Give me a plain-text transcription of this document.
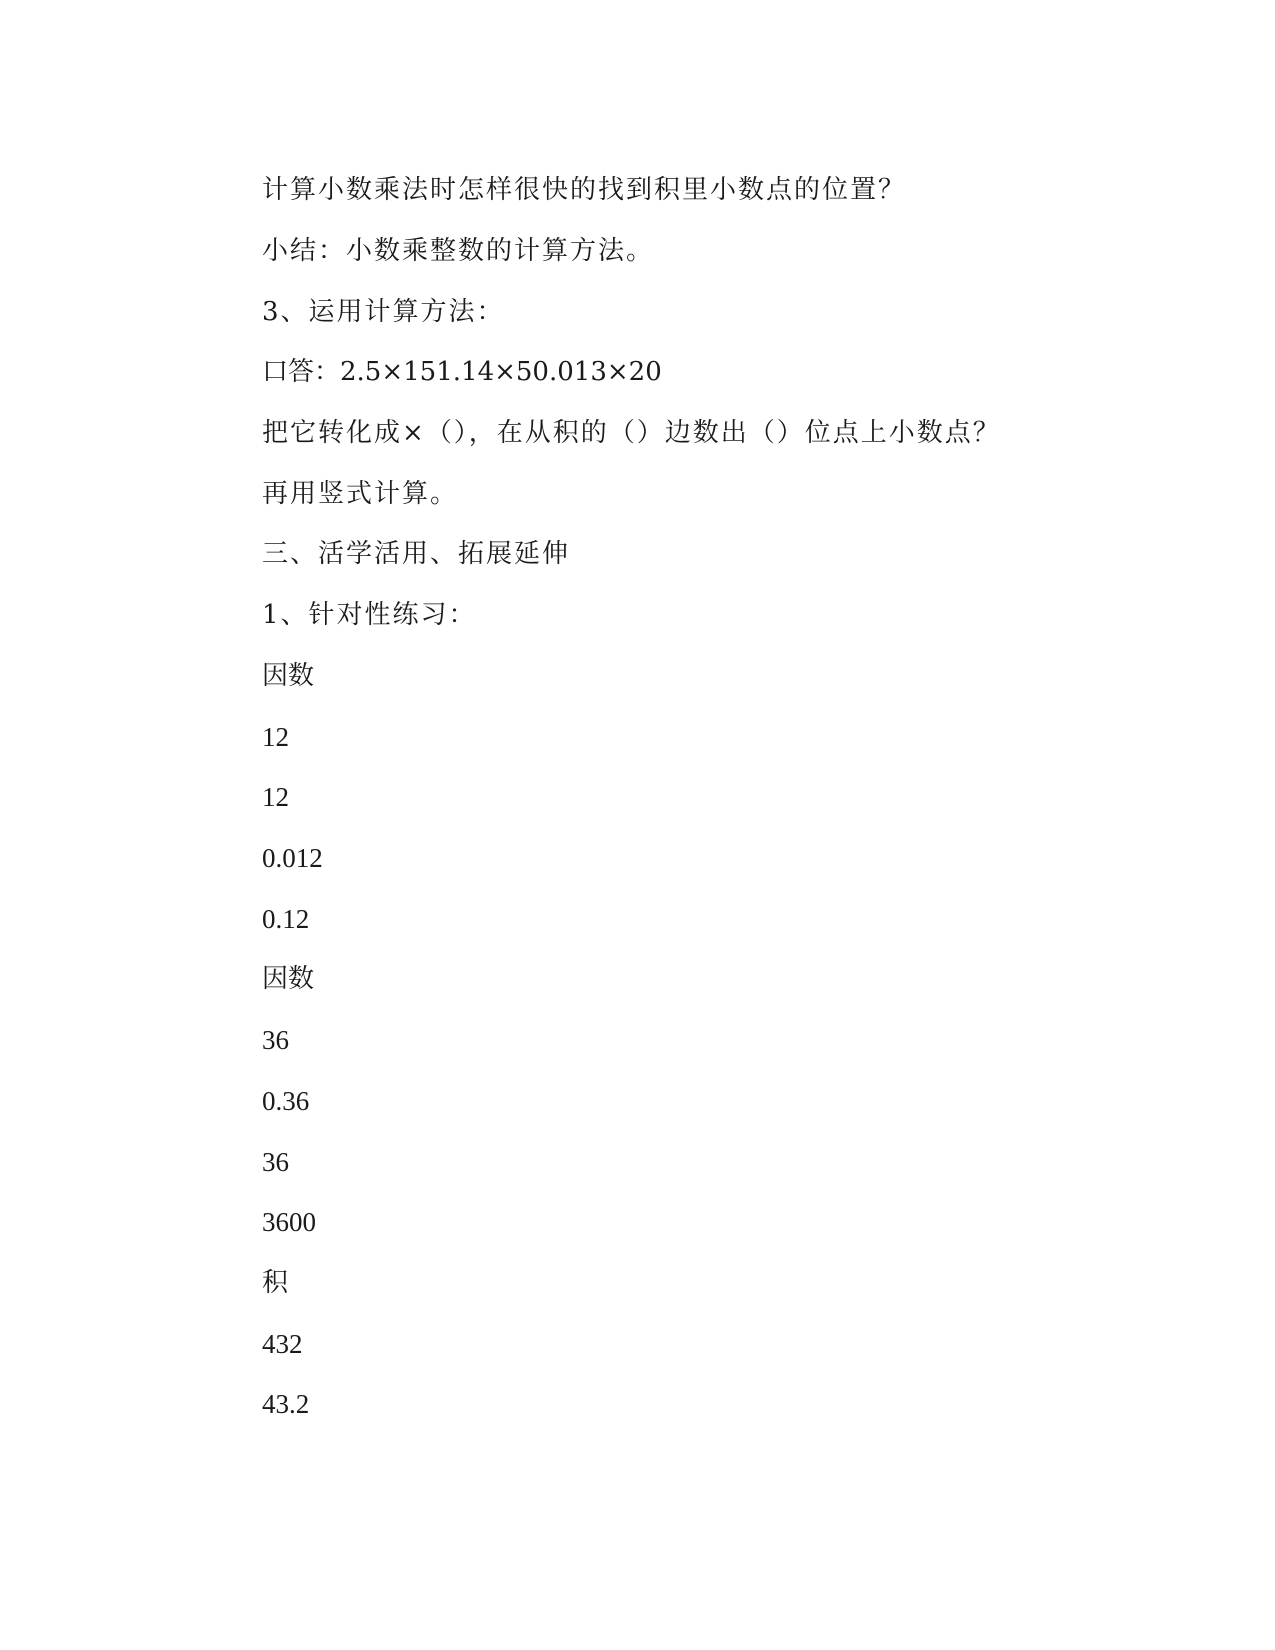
计算小数乘法时怎样很快的找到积里小数点的位置？
小结：小数乘整数的计算方法。
3、运用计算方法：
口答：2.5×151.14×50.013×20
把它转化成×（），在从积的（）边数出（）位点上小数点？
再用竖式计算。
三、活学活用、拓展延伸
1、针对性练习：
因数
12
12
0.012
0.12
因数
36
0.36
36
3600
积
432
43.2
